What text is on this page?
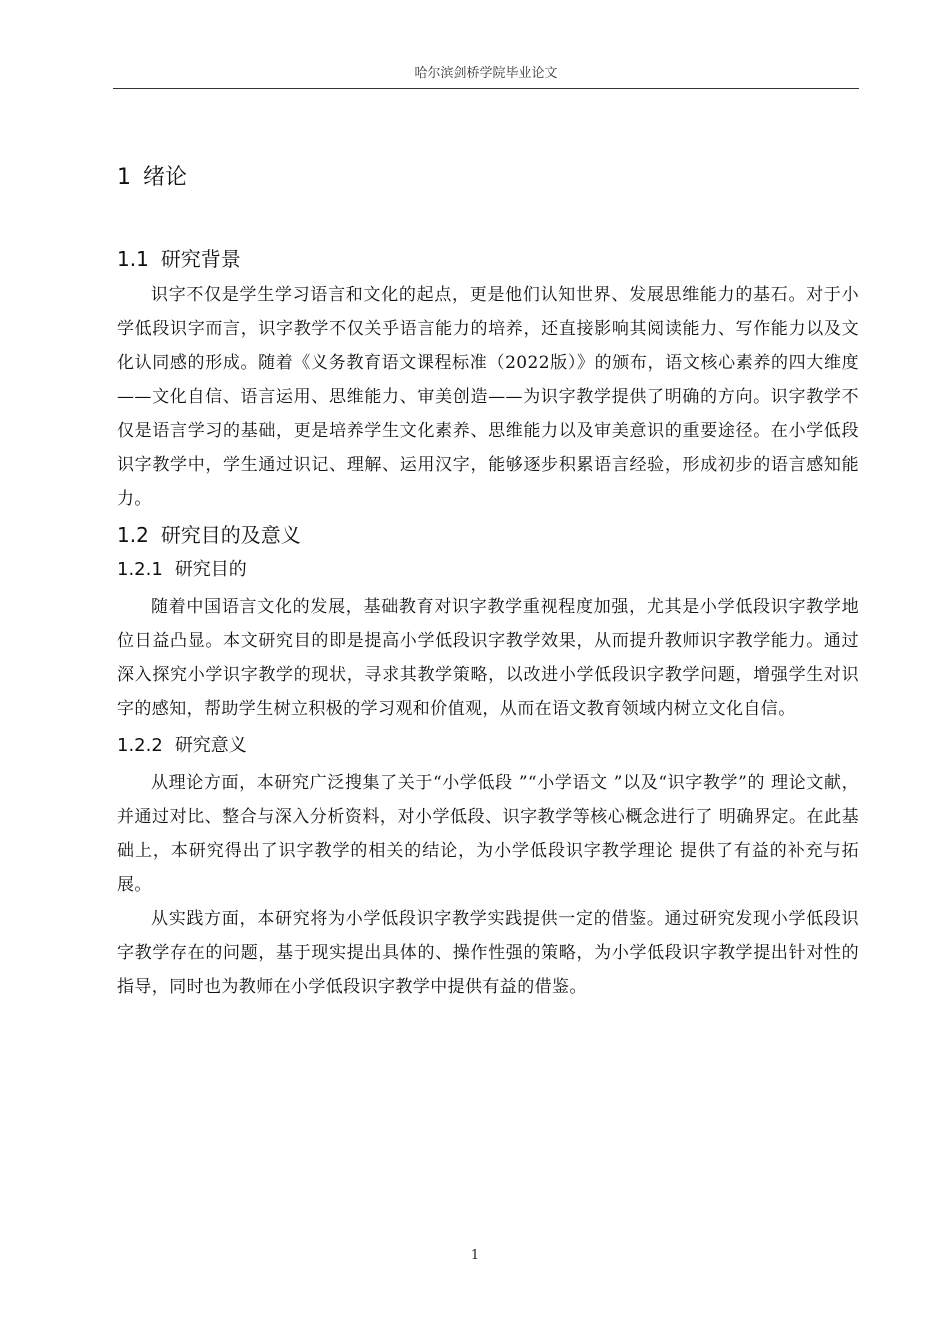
哈尔滨剑桥学院毕业论文
1 绪论
1.1 研究背景

识字不仅是学生学习语言和文化的起点，更是他们认知世界、发展思维能力的基石。对于小学低段识字而言，识字教学不仅关乎语言能力的培养，还直接影响其阅读能力、写作能力以及文化认同感的形成。随着《义务教育语文课程标准（2022版）》的颁布，语文核心素养的四大维度——文化自信、语言运用、思维能力、审美创造——为识字教学提供了明确的方向。识字教学不仅是语言学习的基础，更是培养学生文化素养、思维能力以及审美意识的重要途径。在小学低段识字教学中，学生通过识记、理解、运用汉字，能够逐步积累语言经验，形成初步的语言感知能力。

1.2 研究目的及意义
1.2.1 研究目的

随着中国语言文化的发展，基础教育对识字教学重视程度加强，尤其是小学低段识字教学地位日益凸显。本文研究目的即是提高小学低段识字教学效果，从而提升教师识字教学能力。通过深入探究小学识字教学的现状，寻求其教学策略，以改进小学低段识字教学问题，增强学生对识字的感知，帮助学生树立积极的学习观和价值观，从而在语文教育领域内树立文化自信。

1.2.2 研究意义

从理论方面，本研究广泛搜集了关于“小学低段 ”“小学语文 ”以及“识字教学”的 理论文献，并通过对比、整合与深入分析资料，对小学低段、识字教学等核心概念进行了 明确界定。在此基础上，本研究得出了识字教学的相关的结论，为小学低段识字教学理论 提供了有益的补充与拓展。

从实践方面，本研究将为小学低段识字教学实践提供一定的借鉴。通过研究发现小学低段识字教学存在的问题，基于现实提出具体的、操作性强的策略，为小学低段识字教学提出针对性的指导，同时也为教师在小学低段识字教学中提供有益的借鉴。

1
